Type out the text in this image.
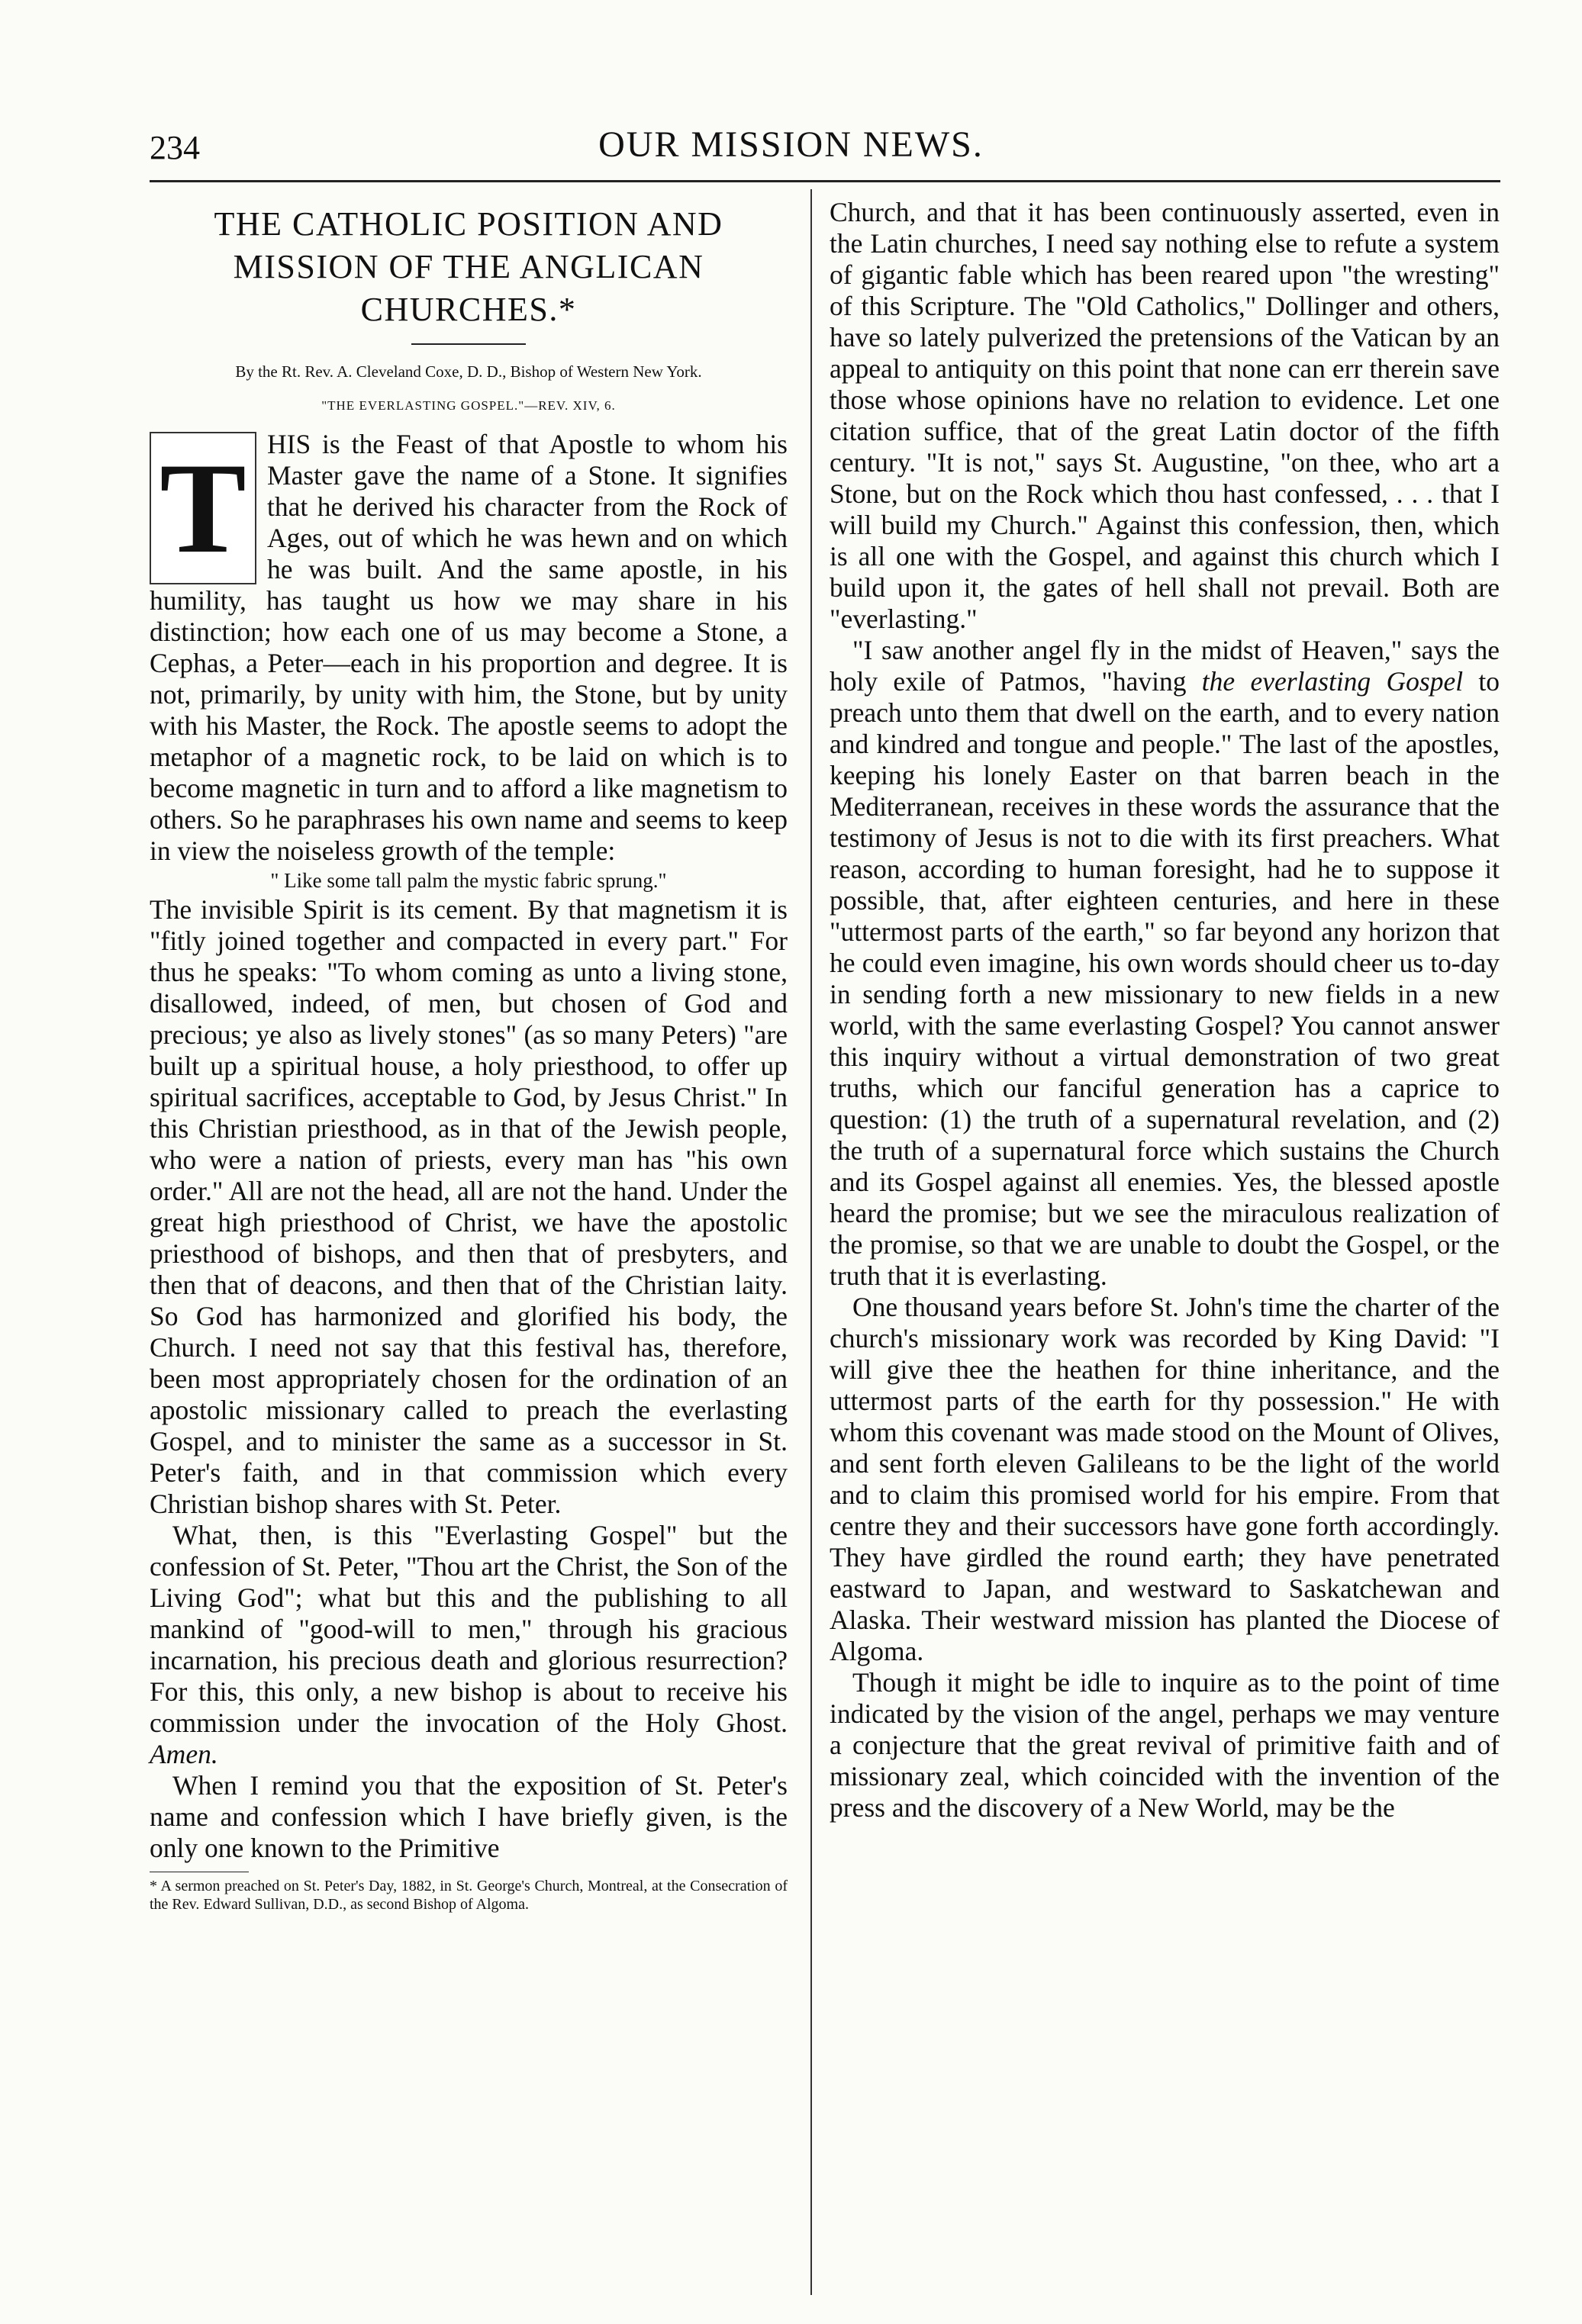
234	OUR MISSION NEWS.
THE CATHOLIC POSITION AND MISSION OF THE ANGLICAN CHURCHES.*
By the Rt. Rev. A. Cleveland Coxe, D. D., Bishop of Western New York.
"THE EVERLASTING GOSPEL."—REV. XIV, 6.

T HIS is the Feast of that Apostle to whom his Master gave the name of a Stone. It signifies that he derived his character from the Rock of Ages, out of which he was hewn and on which he was built. And the same apostle, in his humility, has taught us how we may share in his distinction; how each one of us may become a Stone, a Cephas, a Peter—each in his proportion and degree. It is not, primarily, by unity with him, the Stone, but by unity with his Master, the Rock. The apostle seems to adopt the metaphor of a magnetic rock, to be laid on which is to become magnetic in turn and to afford a like magnetism to others. So he paraphrases his own name and seems to keep in view the noiseless growth of the temple:

" Like some tall palm the mystic fabric sprung."

The invisible Spirit is its cement. By that magnetism it is "fitly joined together and compacted in every part." For thus he speaks: "To whom coming as unto a living stone, disallowed, indeed, of men, but chosen of God and precious; ye also as lively stones" (as so many Peters) "are built up a spiritual house, a holy priesthood, to offer up spiritual sacrifices, acceptable to God, by Jesus Christ." In this Christian priesthood, as in that of the Jewish people, who were a nation of priests, every man has "his own order." All are not the head, all are not the hand. Under the great high priesthood of Christ, we have the apostolic priesthood of bishops, and then that of presbyters, and then that of deacons, and then that of the Christian laity. So God has harmonized and glorified his body, the Church. I need not say that this festival has, therefore, been most appropriately chosen for the ordination of an apostolic missionary called to preach the everlasting Gospel, and to minister the same as a successor in St. Peter's faith, and in that commission which every Christian bishop shares with St. Peter.

What, then, is this "Everlasting Gospel" but the confession of St. Peter, "Thou art the Christ, the Son of the Living God"; what but this and the publishing to all mankind of "good-will to men," through his gracious incarnation, his precious death and glorious resurrection? For this, this only, a new bishop is about to receive his commission under the invocation of the Holy Ghost. Amen.

When I remind you that the exposition of St. Peter's name and confession which I have briefly given, is the only one known to the Primitive

* A sermon preached on St. Peter's Day, 1882, in St. George's Church, Montreal, at the Consecration of the Rev. Edward Sullivan, D.D., as second Bishop of Algoma.

Church, and that it has been continuously asserted, even in the Latin churches, I need say nothing else to refute a system of gigantic fable which has been reared upon "the wresting" of this Scripture. The "Old Catholics," Dollinger and others, have so lately pulverized the pretensions of the Vatican by an appeal to antiquity on this point that none can err therein save those whose opinions have no relation to evidence. Let one citation suffice, that of the great Latin doctor of the fifth century. "It is not," says St. Augustine, "on thee, who art a Stone, but on the Rock which thou hast confessed, . . . that I will build my Church." Against this confession, then, which is all one with the Gospel, and against this church which I build upon it, the gates of hell shall not prevail. Both are "everlasting."

"I saw another angel fly in the midst of Heaven," says the holy exile of Patmos, "having the everlasting Gospel to preach unto them that dwell on the earth, and to every nation and kindred and tongue and people." The last of the apostles, keeping his lonely Easter on that barren beach in the Mediterranean, receives in these words the assurance that the testimony of Jesus is not to die with its first preachers. What reason, according to human foresight, had he to suppose it possible, that, after eighteen centuries, and here in these "uttermost parts of the earth," so far beyond any horizon that he could even imagine, his own words should cheer us to-day in sending forth a new missionary to new fields in a new world, with the same everlasting Gospel? You cannot answer this inquiry without a virtual demonstration of two great truths, which our fanciful generation has a caprice to question: (1) the truth of a supernatural revelation, and (2) the truth of a supernatural force which sustains the Church and its Gospel against all enemies. Yes, the blessed apostle heard the promise; but we see the miraculous realization of the promise, so that we are unable to doubt the Gospel, or the truth that it is everlasting.

One thousand years before St. John's time the charter of the church's missionary work was recorded by King David: "I will give thee the heathen for thine inheritance, and the uttermost parts of the earth for thy possession." He with whom this covenant was made stood on the Mount of Olives, and sent forth eleven Galileans to be the light of the world and to claim this promised world for his empire. From that centre they and their successors have gone forth accordingly. They have girdled the round earth; they have penetrated eastward to Japan, and westward to Saskatchewan and Alaska. Their westward mission has planted the Diocese of Algoma.

Though it might be idle to inquire as to the point of time indicated by the vision of the angel, perhaps we may venture a conjecture that the great revival of primitive faith and of missionary zeal, which coincided with the invention of the press and the discovery of a New World, may be the
